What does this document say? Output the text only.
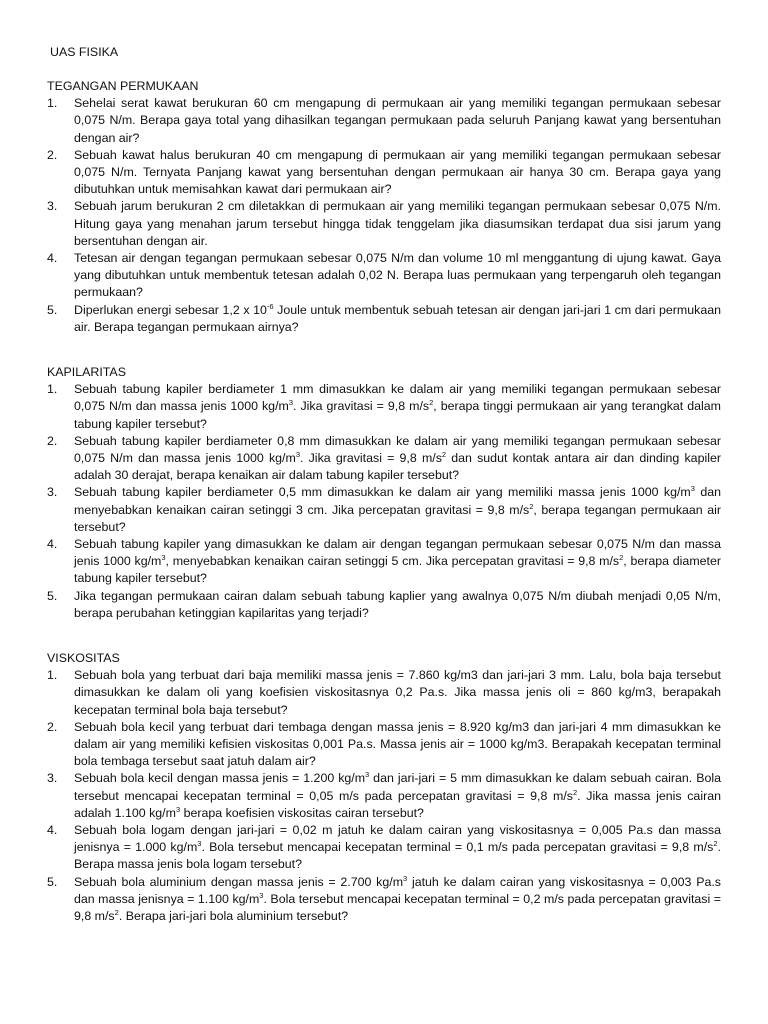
UAS FISIKA
TEGANGAN PERMUKAAN
1. Sehelai serat kawat berukuran 60 cm mengapung di permukaan air yang memiliki tegangan permukaan sebesar 0,075 N/m. Berapa gaya total yang dihasilkan tegangan permukaan pada seluruh Panjang kawat yang bersentuhan dengan air?
2. Sebuah kawat halus berukuran 40 cm mengapung di permukaan air yang memiliki tegangan permukaan sebesar 0,075 N/m. Ternyata Panjang kawat yang bersentuhan dengan permukaan air hanya 30 cm. Berapa gaya yang dibutuhkan untuk memisahkan kawat dari permukaan air?
3. Sebuah jarum berukuran 2 cm diletakkan di permukaan air yang memiliki tegangan permukaan sebesar 0,075 N/m. Hitung gaya yang menahan jarum tersebut hingga tidak tenggelam jika diasumsikan terdapat dua sisi jarum yang bersentuhan dengan air.
4. Tetesan air dengan tegangan permukaan sebesar 0,075 N/m dan volume 10 ml menggantung di ujung kawat. Gaya yang dibutuhkan untuk membentuk tetesan adalah 0,02 N. Berapa luas permukaan yang terpengaruh oleh tegangan permukaan?
5. Diperlukan energi sebesar 1,2 x $10^{-6}$ Joule untuk membentuk sebuah tetesan air dengan jari-jari 1 cm dari permukaan air. Berapa tegangan permukaan airnya?
KAPILARITAS
1. Sebuah tabung kapiler berdiameter 1 mm dimasukkan ke dalam air yang memiliki tegangan permukaan sebesar 0,075 N/m dan massa jenis 1000 $kg/m^3$. Jika gravitasi = 9,8 $m/s^2$, berapa tinggi permukaan air yang terangkat dalam tabung kapiler tersebut?
2. Sebuah tabung kapiler berdiameter 0,8 mm dimasukkan ke dalam air yang memiliki tegangan permukaan sebesar 0,075 N/m dan massa jenis 1000 $kg/m^3$. Jika gravitasi = 9,8 $m/s^2$ dan sudut kontak antara air dan dinding kapiler adalah 30 derajat, berapa kenaikan air dalam tabung kapiler tersebut?
3. Sebuah tabung kapiler berdiameter 0,5 mm dimasukkan ke dalam air yang memiliki massa jenis 1000 $kg/m^3$ dan menyebabkan kenaikan cairan setinggi 3 cm. Jika percepatan gravitasi = 9,8 $m/s^2$, berapa tegangan permukaan air tersebut?
4. Sebuah tabung kapiler yang dimasukkan ke dalam air dengan tegangan permukaan sebesar 0,075 N/m dan massa jenis 1000 $kg/m^3$, menyebabkan kenaikan cairan setinggi 5 cm. Jika percepatan gravitasi = 9,8 $m/s^2$, berapa diameter tabung kapiler tersebut?
5. Jika tegangan permukaan cairan dalam sebuah tabung kaplier yang awalnya 0,075 N/m diubah menjadi 0,05 N/m, berapa perubahan ketinggian kapilaritas yang terjadi?
VISKOSITAS
1. Sebuah bola yang terbuat dari baja memiliki massa jenis = 7.860 kg/m3 dan jari-jari 3 mm. Lalu, bola baja tersebut dimasukkan ke dalam oli yang koefisien viskositasnya 0,2 Pa.s. Jika massa jenis oli = 860 kg/m3, berapakah kecepatan terminal bola baja tersebut?
2. Sebuah bola kecil yang terbuat dari tembaga dengan massa jenis = 8.920 kg/m3 dan jari-jari 4 mm dimasukkan ke dalam air yang memiliki kefisien viskositas 0,001 Pa.s. Massa jenis air = 1000 kg/m3. Berapakah kecepatan terminal bola tembaga tersebut saat jatuh dalam air?
3. Sebuah bola kecil dengan massa jenis = 1.200 $kg/m^3$ dan jari-jari = 5 mm dimasukkan ke dalam sebuah cairan. Bola tersebut mencapai kecepatan terminal = 0,05 m/s pada percepatan gravitasi = 9,8 $m/s^2$. Jika massa jenis cairan adalah 1.100 $kg/m^3$ berapa koefisien viskositas cairan tersebut?
4. Sebuah bola logam dengan jari-jari = 0,02 m jatuh ke dalam cairan yang viskositasnya = 0,005 Pa.s dan massa jenisnya = 1.000 $kg/m^3$. Bola tersebut mencapai kecepatan terminal = 0,1 m/s pada percepatan gravitasi = 9,8 $m/s^2$. Berapa massa jenis bola logam tersebut?
5. Sebuah bola aluminium dengan massa jenis = 2.700 $kg/m^3$ jatuh ke dalam cairan yang viskositasnya = 0,003 Pa.s dan massa jenisnya = 1.100 $kg/m^3$. Bola tersebut mencapai kecepatan terminal = 0,2 m/s pada percepatan gravitasi = 9,8 $m/s^2$. Berapa jari-jari bola aluminium tersebut?
